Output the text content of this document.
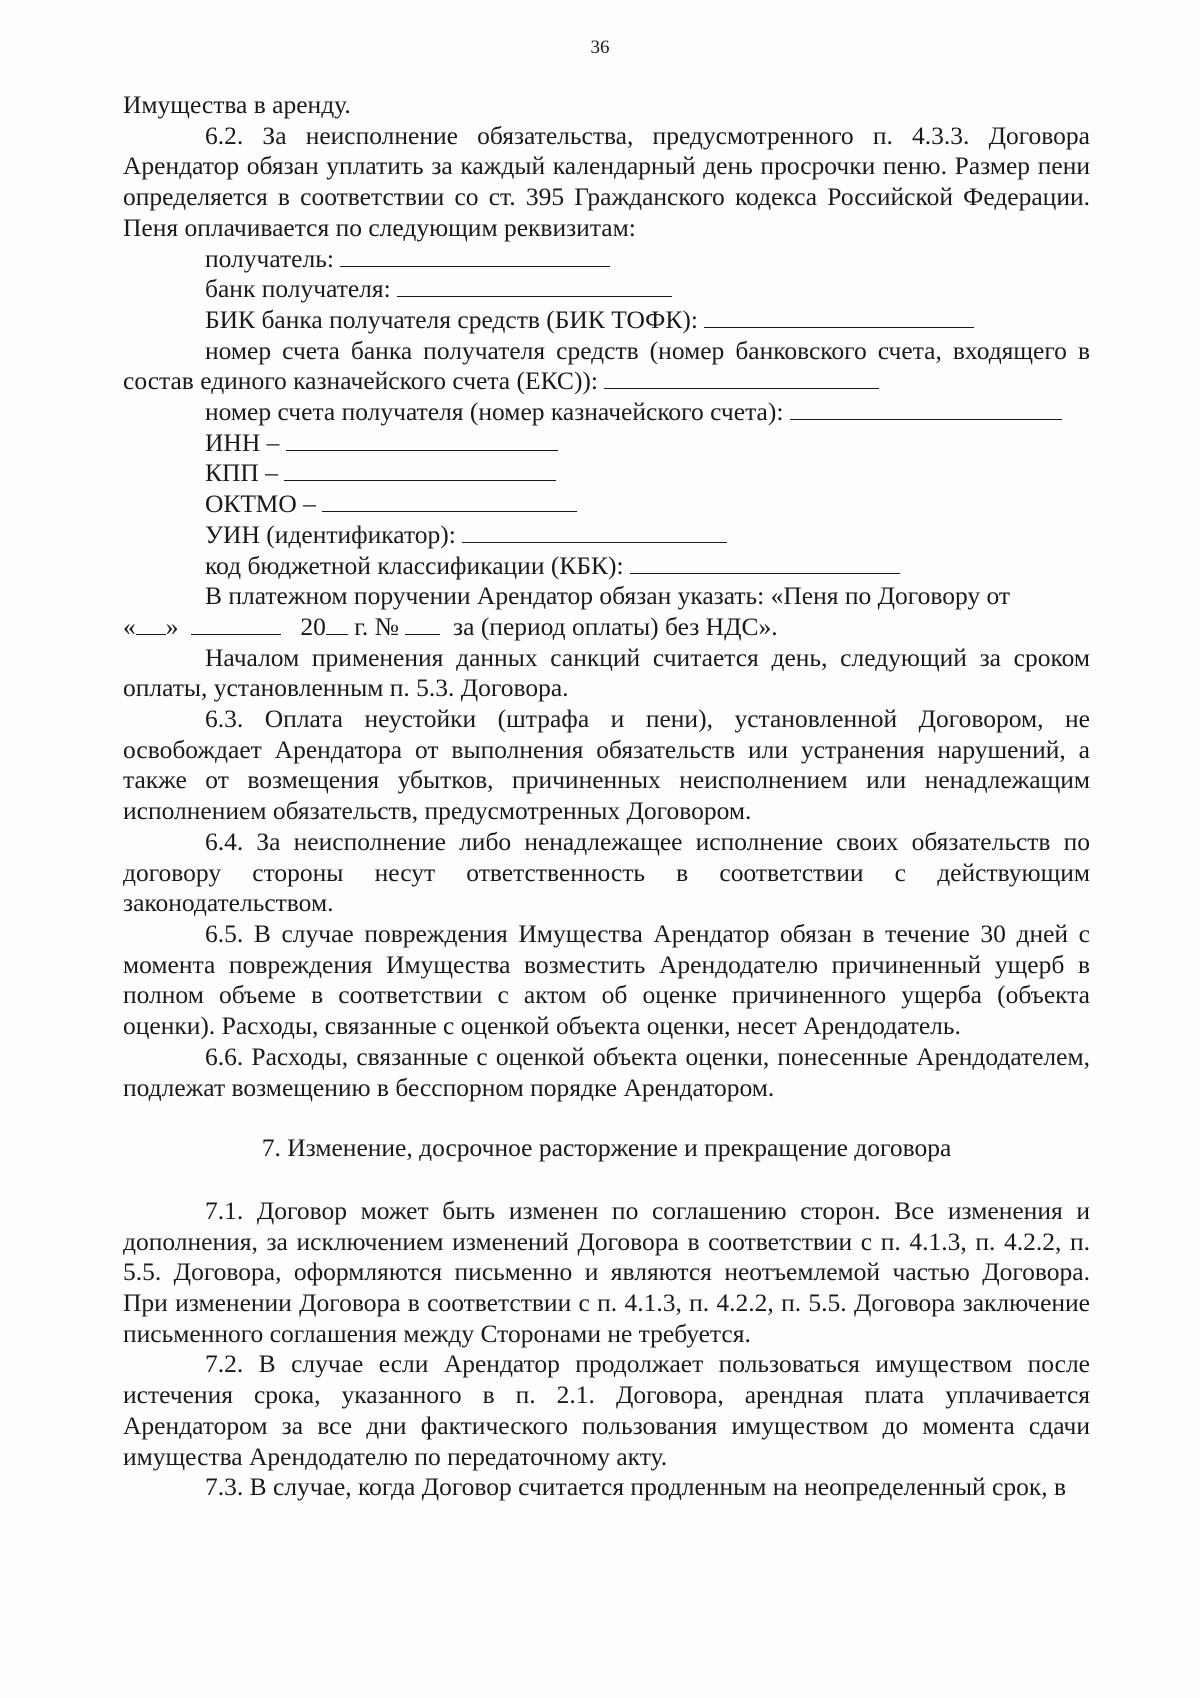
36

Имущества в аренду.

6.2. За неисполнение обязательства, предусмотренного п. 4.3.3. Договора Арендатор обязан уплатить за каждый календарный день просрочки пеню. Размер пени определяется в соответствии со ст. 395 Гражданского кодекса Российской Федерации. Пеня оплачивается по следующим реквизитам:

получатель:

банк получателя:

БИК банка получателя средств (БИК ТОФК):

номер счета банка получателя средств (номер банковского счета, входящего в состав единого казначейского счета (ЕКС)):

номер счета получателя (номер казначейского счета):

ИНН –

КПП –

ОКТМО –

УИН (идентификатор):

код бюджетной классификации (КБК):

В платежном поручении Арендатор обязан указать: «Пеня по Договору от

« »	20 г. № за (период оплаты) без НДС».

Началом применения данных санкций считается день, следующий за сроком оплаты, установленным п. 5.3. Договора.

6.3. Оплата неустойки (штрафа и пени), установленной Договором, не освобождает Арендатора от выполнения обязательств или устранения нарушений, а также от возмещения убытков, причиненных неисполнением или ненадлежащим исполнением обязательств, предусмотренных Договором.

6.4. За неисполнение либо ненадлежащее исполнение своих обязательств по договору стороны несут ответственность в соответствии с действующим законодательством.

6.5. В случае повреждения Имущества Арендатор обязан в течение 30 дней с момента повреждения Имущества возместить Арендодателю причиненный ущерб в полном объеме в соответствии с актом об оценке причиненного ущерба (объекта оценки). Расходы, связанные с оценкой объекта оценки, несет Арендодатель.

6.6. Расходы, связанные с оценкой объекта оценки, понесенные Арендодателем, подлежат возмещению в бесспорном порядке Арендатором.

7. Изменение, досрочное расторжение и прекращение договора

7.1. Договор может быть изменен по соглашению сторон. Все изменения и дополнения, за исключением изменений Договора в соответствии с п. 4.1.3, п. 4.2.2, п. 5.5. Договора, оформляются письменно и являются неотъемлемой частью Договора. При изменении Договора в соответствии с п. 4.1.3, п. 4.2.2, п. 5.5. Договора заключение письменного соглашения между Сторонами не требуется.

7.2. В случае если Арендатор продолжает пользоваться имуществом после истечения срока, указанного в п. 2.1. Договора, арендная плата уплачивается Арендатором за все дни фактического пользования имуществом до момента сдачи имущества Арендодателю по передаточному акту.

7.3. В случае, когда Договор считается продленным на неопределенный срок, в
